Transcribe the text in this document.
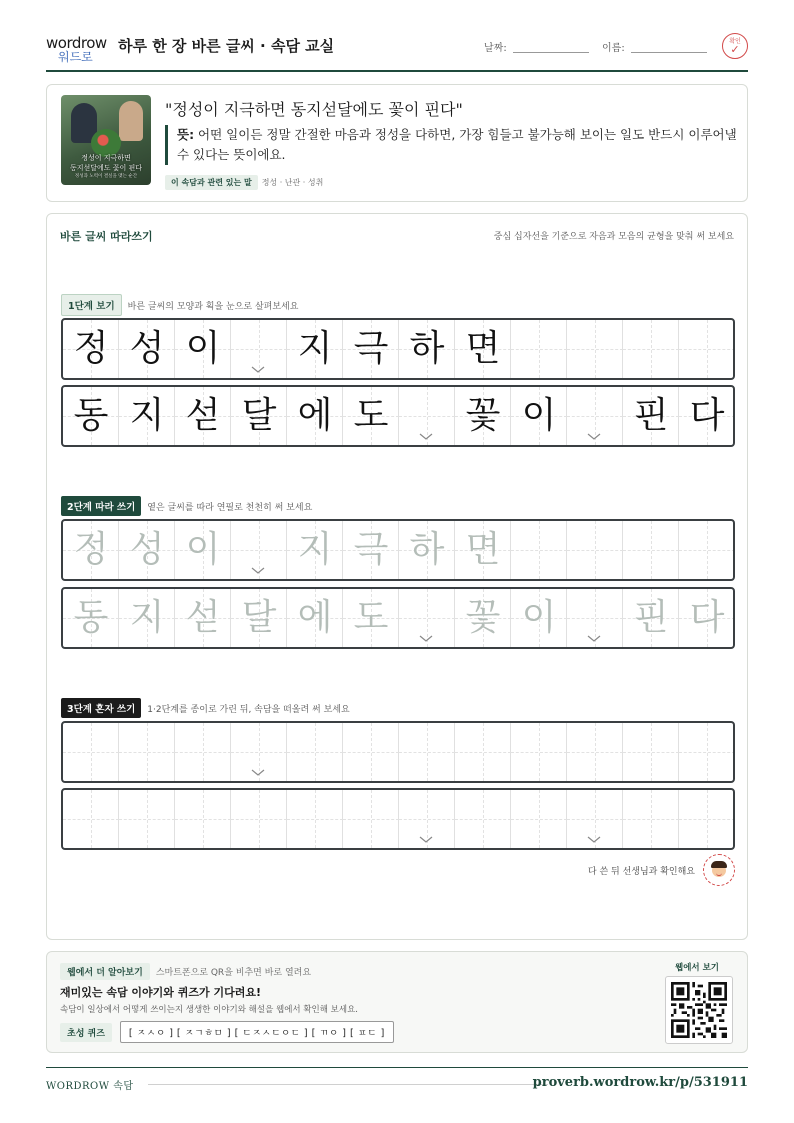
wordrow
워드로
하루 한 장 바른 글씨 · 속담 교실	날짜:	이름:
확인
✓
정성이 지극하면
동지섣달에도 꽃이 핀다
정성과 노력이 결실을 맺는 순간
"정성이 지극하면 동지섣달에도 꽃이 핀다"
뜻: 어떤 일이든 정말 간절한 마음과 정성을 다하면, 가장 힘들고 불가능해 보이는 일도 반드시 이루어낼 수 있다는 뜻이에요.
이 속담과 관련 있는 말 정성 · 난관 · 성취
바른 글씨 따라쓰기	중심 십자선을 기준으로 자음과 모음의 균형을 맞춰 써 보세요
1단계 보기 바른 글씨의 모양과 획을 눈으로 살펴보세요
정 성 이 지 극 하 면
동 지 섣 달 에 도 꽃 이 핀 다
2단계 따라 쓰기 옅은 글씨를 따라 연필로 천천히 써 보세요
정 성 이 지 극 하 면
동 지 섣 달 에 도 꽃 이 핀 다
3단계 혼자 쓰기 1·2단계를 종이로 가린 뒤, 속담을 떠올려 써 보세요
다 쓴 뒤 선생님과 확인해요
웹에서 더 알아보기 스마트폰으로 QR을 비추면 바로 열려요
재미있는 속담 이야기와 퀴즈가 기다려요!
속담이 일상에서 어떻게 쓰이는지 생생한 이야기와 해설을 웹에서 확인해 보세요.
초성 퀴즈	[ ㅈㅅㅇ ] [ ㅈㄱㅎㅁ ] [ ㄷㅈㅅㄷㅇㄷ ] [ ㄲㅇ ] [ ㅍㄷ ]
웹에서 보기
WORDROW 속담	proverb.wordrow.kr/p/531911
